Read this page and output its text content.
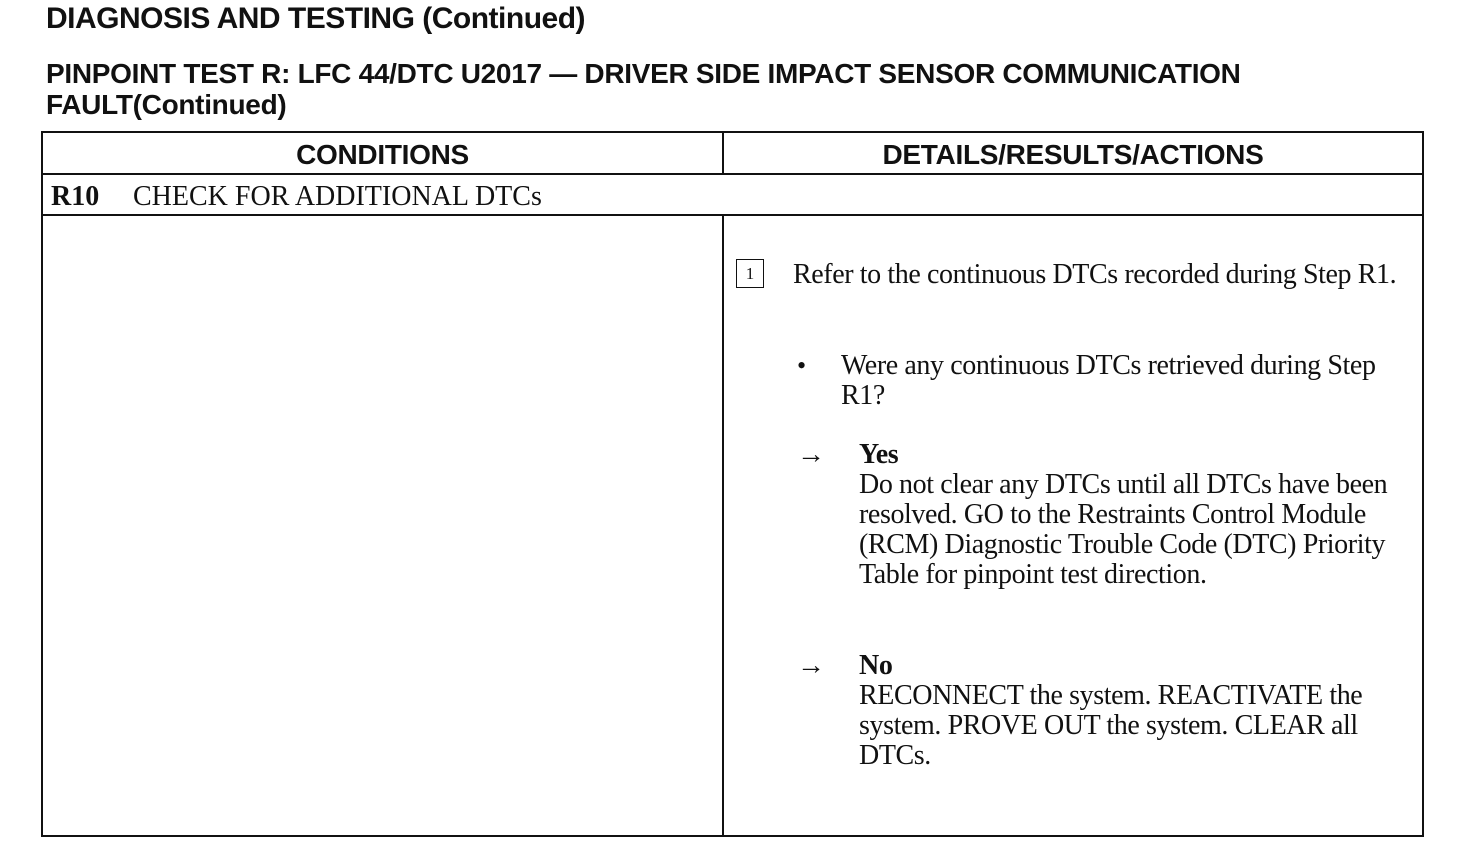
DIAGNOSIS AND TESTING (Continued)
PINPOINT TEST R: LFC 44/DTC U2017 — DRIVER SIDE IMPACT SENSOR COMMUNICATION FAULT(Continued)
CONDITIONS	DETAILS/RESULTS/ACTIONS
R10 CHECK FOR ADDITIONAL DTCs
1	Refer to the continuous DTCs recorded during Step R1.
• Were any continuous DTCs retrieved during Step R1?
→ Yes
Do not clear any DTCs until all DTCs have been resolved. GO to the Restraints Control Module (RCM) Diagnostic Trouble Code (DTC) Priority Table for pinpoint test direction.
→ No
RECONNECT the system. REACTIVATE the system. PROVE OUT the system. CLEAR all DTCs.
